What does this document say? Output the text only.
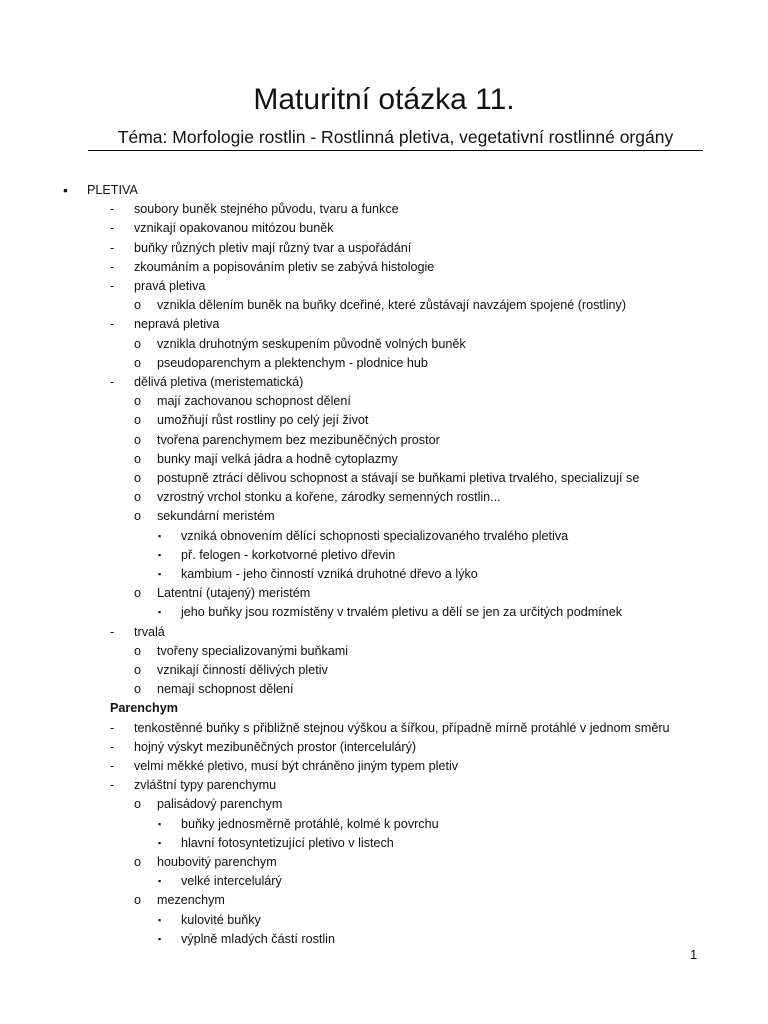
Maturitní otázka 11.
Téma: Morfologie rostlin - Rostlinná pletiva, vegetativní rostlinné orgány
• PLETIVA
- soubory buněk stejného původu, tvaru a funkce
- vznikají opakovanou mitózou buněk
- buňky různých pletiv mají různý tvar a uspořádání
- zkoumáním a popisováním pletiv se zabývá histologie
- pravá pletiva
o vznikla dělením buněk na buňky dceřiné, které zůstávají navzájem spojené (rostliny)
- nepravá pletiva
o vznikla druhotným seskupením původně volných buněk
o pseudoparenchym a plektenchym - plodnice hub
- dělivá pletiva (meristematická)
o mají zachovanou schopnost dělení
o umožňují růst rostliny po celý její život
o tvořena parenchymem bez mezibuněčných prostor
o bunky mají velká jádra a hodně cytoplazmy
o postupně ztrácí dělivou schopnost a stávají se buňkami pletiva trvalého, specializují se
o vzrostný vrchol stonku a kořene, zárodky semenných rostlin...
o sekundární meristém
▪ vzniká obnovením dělící schopnosti specializovaného trvalého pletiva
▪ př. felogen - korkotvorné pletivo dřevin
▪ kambium - jeho činností vzniká druhotné dřevo a lýko
o Latentní (utajený) meristém
▪ jeho buňky jsou rozmístěny v trvalém pletivu a dělí se jen za určitých podmínek
- trvalá
o tvořeny specializovanými buňkami
o vznikají činností dělivých pletiv
o nemají schopnost dělení
Parenchym
- tenkostěnné buňky s přibližně stejnou výškou a šířkou, případně mírně protáhlé v jednom směru
- hojný výskyt mezibuněčných prostor (intercelulárý)
- velmi měkké pletivo, musí být chráněno jiným typem pletiv
- zvláštní typy parenchymu
o palisádový parenchym
▪ buňky jednosměrně protáhlé, kolmé k povrchu
▪ hlavní fotosyntetizující pletivo v listech
o houbovitý parenchym
▪ velké intercelulárý
o mezenchym
▪ kulovité buňky
▪ výplně mladých částí rostlin
1
